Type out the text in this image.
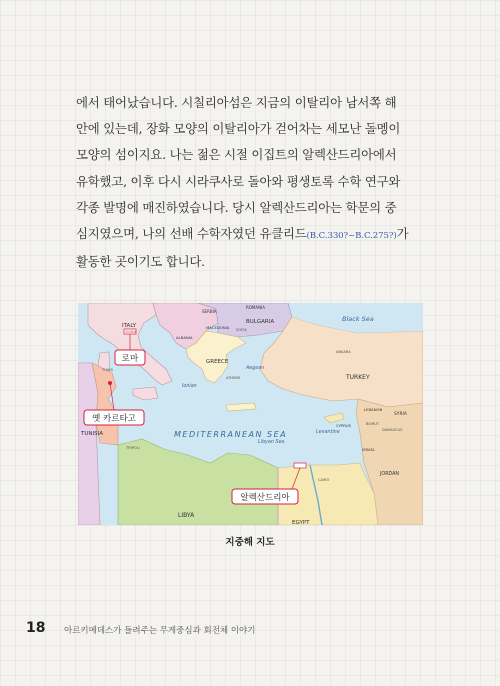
에서 태어났습니다. 시칠리아섬은 지금의 이탈리아 남서쪽 해
안에 있는데, 장화 모양의 이탈리아가 걷어차는 세모난 돌멩이
모양의 섬이지요. 나는 젊은 시절 이집트의 알렉산드리아에서
유학했고, 이후 다시 시라쿠사로 돌아와 평생토록 수학 연구와
각종 발명에 매진하였습니다. 당시 알렉산드리아는 학문의 중
심지였으며, 나의 선배 수학자였던 유클리드(B.C.330?~B.C.275?)가
활동한 곳이기도 합니다.
MEDITERRANEAN SEA
Black Sea
Aegean
Ionian
Libyan Sea
Levantine
ITALY
BULGARIA
SERBIA
ROMANIA
MACEDONIA
ALBANIA
GREECE
TURKEY
TUNISIA
LIBYA
EGYPT
JORDAN
CYPRUS
LEBANON
SYRIA
ISRAEL
SOFIA
ATHENS
TRIPOLI
BEIRUT
DAMASCUS
CAIRO
ANKARA
TUNIS
ROMA
로마
옛 카르타고
알렉산드리아
지중해 지도
18 아르키메데스가 들려주는 무게중심과 회전체 이야기
